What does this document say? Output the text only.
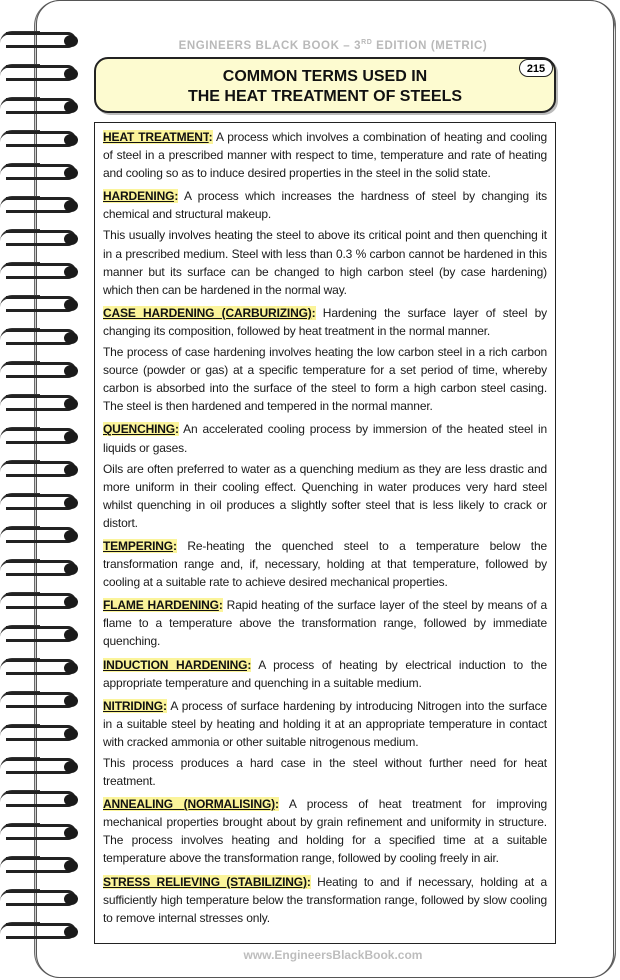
ENGINEERS BLACK BOOK – 3RD EDITION (METRIC)
COMMON TERMS USED IN
THE HEAT TREATMENT OF STEELS
215

HEAT TREATMENT: A process which involves a combination of heating and cooling of steel in a prescribed manner with respect to time, temperature and rate of heating and cooling so as to induce desired properties in the steel in the solid state.

HARDENING: A process which increases the hardness of steel by changing its chemical and structural makeup.

This usually involves heating the steel to above its critical point and then quenching it in a prescribed medium. Steel with less than 0.3 % carbon cannot be hardened in this manner but its surface can be changed to high carbon steel (by case hardening) which then can be hardened in the normal way.

CASE HARDENING (CARBURIZING): Hardening the surface layer of steel by changing its composition, followed by heat treatment in the normal manner.

The process of case hardening involves heating the low carbon steel in a rich carbon source (powder or gas) at a specific temperature for a set period of time, whereby carbon is absorbed into the surface of the steel to form a high carbon steel casing. The steel is then hardened and tempered in the normal manner.

QUENCHING: An accelerated cooling process by immersion of the heated steel in liquids or gases.

Oils are often preferred to water as a quenching medium as they are less drastic and more uniform in their cooling effect. Quenching in water produces very hard steel whilst quenching in oil produces a slightly softer steel that is less likely to crack or distort.

TEMPERING: Re-heating the quenched steel to a temperature below the transformation range and, if, necessary, holding at that temperature, followed by cooling at a suitable rate to achieve desired mechanical properties.

FLAME HARDENING: Rapid heating of the surface layer of the steel by means of a flame to a temperature above the transformation range, followed by immediate quenching.

INDUCTION HARDENING: A process of heating by electrical induction to the appropriate temperature and quenching in a suitable medium.

NITRIDING: A process of surface hardening by introducing Nitrogen into the surface in a suitable steel by heating and holding it at an appropriate temperature in contact with cracked ammonia or other suitable nitrogenous medium.

This process produces a hard case in the steel without further need for heat treatment.

ANNEALING (NORMALISING): A process of heat treatment for improving mechanical properties brought about by grain refinement and uniformity in structure. The process involves heating and holding for a specified time at a suitable temperature above the transformation range, followed by cooling freely in air.

STRESS RELIEVING (STABILIZING): Heating to and if necessary, holding at a sufficiently high temperature below the transformation range, followed by slow cooling to remove internal stresses only.

www.EngineersBlackBook.com
